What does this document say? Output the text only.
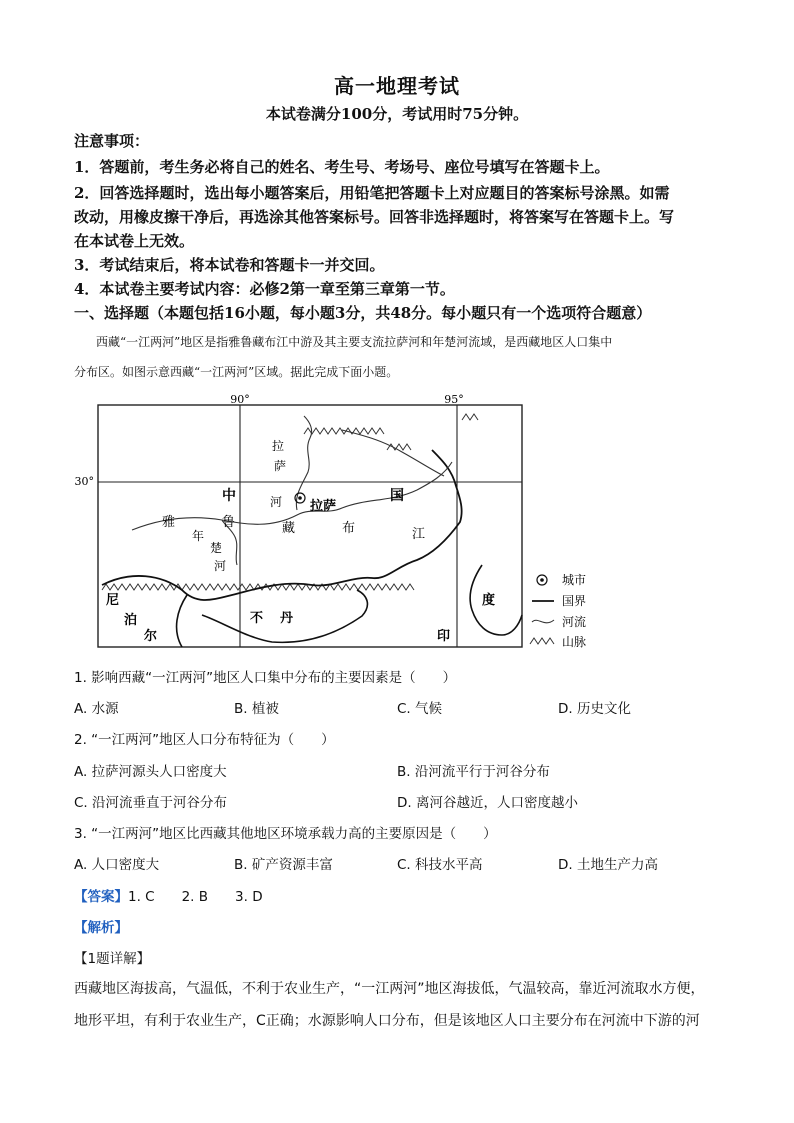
高一地理考试
本试卷满分100分，考试用时75分钟。
注意事项：
1．答题前，考生务必将自己的姓名、考生号、考场号、座位号填写在答题卡上。
2．回答选择题时，选出每小题答案后，用铅笔把答题卡上对应题目的答案标号涂黑。如需
改动，用橡皮擦干净后，再选涂其他答案标号。回答非选择题时，将答案写在答题卡上。写
在本试卷上无效。
3．考试结束后，将本试卷和答题卡一并交回。
4．本试卷主要考试内容：必修2第一章至第三章第一节。
一、选择题（本题包括16小题，每小题3分，共48分。每小题只有一个选项符合题意）
西藏“一江两河”地区是指雅鲁藏布江中游及其主要支流拉萨河和年楚河流域，是西藏地区人口集中
分布区。如图示意西藏“一江两河”区域。据此完成下面小题。
90°	95°
30°
拉
萨
河 拉萨
中	国
雅	鲁	藏	布	江
年
楚
河
尼
泊
尔
不 丹
度
印
城市
国界
河流
山脉
1. 影响西藏“一江两河”地区人口集中分布的主要因素是（　　）
A. 水源	B. 植被	C. 气候	D. 历史文化
2. “一江两河”地区人口分布特征为（　　）
A. 拉萨河源头人口密度大	B. 沿河流平行于河谷分布
C. 沿河流垂直于河谷分布	D. 离河谷越近，人口密度越小
3. “一江两河”地区比西藏其他地区环境承载力高的主要原因是（　　）
A. 人口密度大	B. 矿产资源丰富	C. 科技水平高	D. 土地生产力高
【答案】1. C　　2. B　　3. D
【解析】
【1题详解】
西藏地区海拔高，气温低，不利于农业生产，“一江两河”地区海拔低，气温较高，靠近河流取水方便，
地形平坦，有利于农业生产，C正确；水源影响人口分布，但是该地区人口主要分布在河流中下游的河
